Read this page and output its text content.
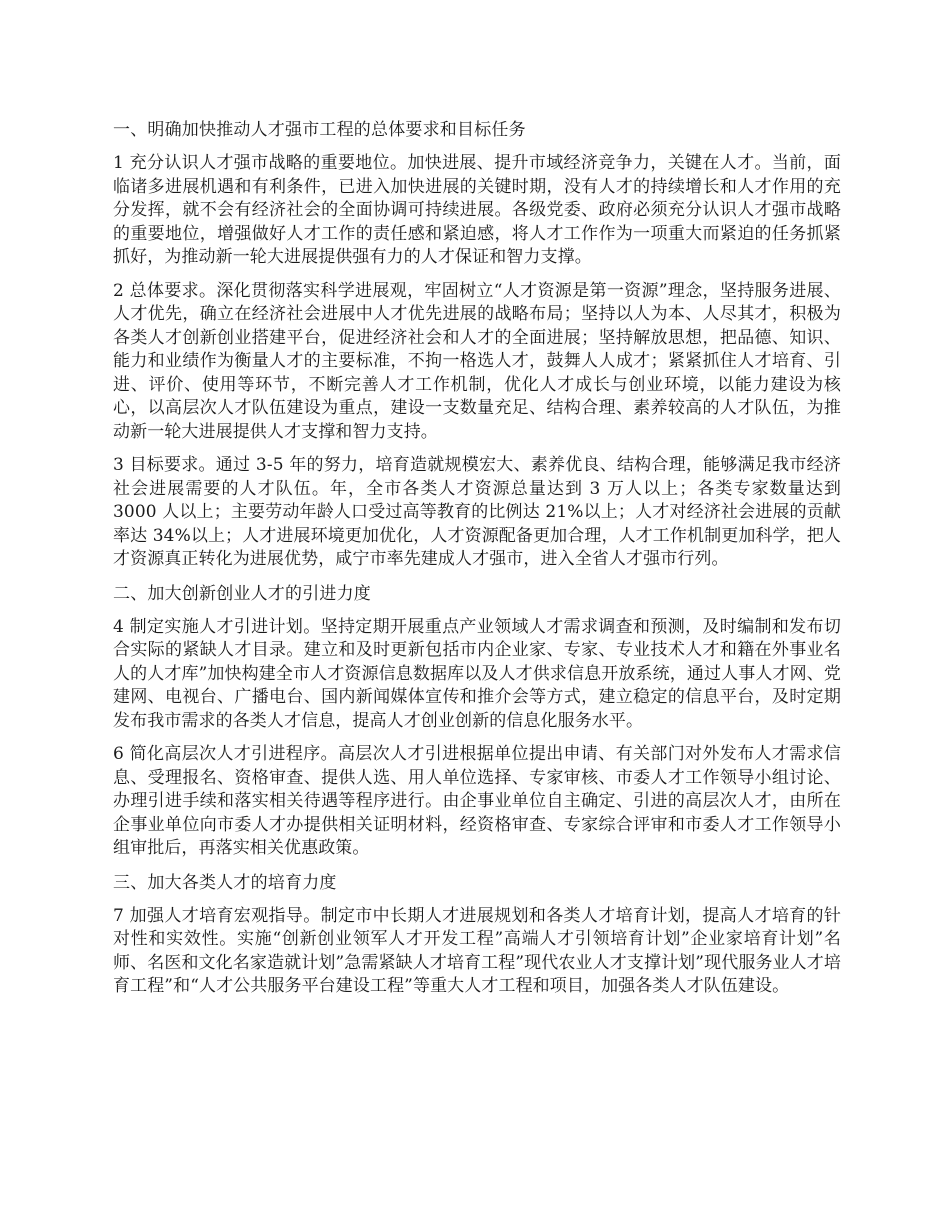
一、明确加快推动人才强市工程的总体要求和目标任务

1 充分认识人才强市战略的重要地位。加快进展、提升市域经济竞争力，关键在人才。当前，面临诸多进展机遇和有利条件，已进入加快进展的关键时期，没有人才的持续增长和人才作用的充分发挥，就不会有经济社会的全面协调可持续进展。各级党委、政府必须充分认识人才强市战略的重要地位，增强做好人才工作的责任感和紧迫感，将人才工作作为一项重大而紧迫的任务抓紧抓好，为推动新一轮大进展提供强有力的人才保证和智力支撑。

2 总体要求。深化贯彻落实科学进展观，牢固树立“人才资源是第一资源”理念，坚持服务进展、人才优先，确立在经济社会进展中人才优先进展的战略布局；坚持以人为本、人尽其才，积极为各类人才创新创业搭建平台，促进经济社会和人才的全面进展；坚持解放思想，把品德、知识、能力和业绩作为衡量人才的主要标准，不拘一格选人才，鼓舞人人成才；紧紧抓住人才培育、引进、评价、使用等环节，不断完善人才工作机制，优化人才成长与创业环境，以能力建设为核心，以高层次人才队伍建设为重点，建设一支数量充足、结构合理、素养较高的人才队伍，为推动新一轮大进展提供人才支撑和智力支持。

3 目标要求。通过 3-5 年的努力，培育造就规模宏大、素养优良、结构合理，能够满足我市经济社会进展需要的人才队伍。年，全市各类人才资源总量达到 3 万人以上；各类专家数量达到 3000 人以上；主要劳动年龄人口受过高等教育的比例达 21%以上；人才对经济社会进展的贡献率达 34%以上；人才进展环境更加优化，人才资源配备更加合理，人才工作机制更加科学，把人才资源真正转化为进展优势，咸宁市率先建成人才强市，进入全省人才强市行列。

二、加大创新创业人才的引进力度

4 制定实施人才引进计划。坚持定期开展重点产业领域人才需求调查和预测，及时编制和发布切合实际的紧缺人才目录。建立和及时更新包括市内企业家、专家、专业技术人才和籍在外事业名人的人才库”加快构建全市人才资源信息数据库以及人才供求信息开放系统，通过人事人才网、党建网、电视台、广播电台、国内新闻媒体宣传和推介会等方式，建立稳定的信息平台，及时定期发布我市需求的各类人才信息，提高人才创业创新的信息化服务水平。

6 简化高层次人才引进程序。高层次人才引进根据单位提出申请、有关部门对外发布人才需求信息、受理报名、资格审查、提供人选、用人单位选择、专家审核、市委人才工作领导小组讨论、办理引进手续和落实相关待遇等程序进行。由企事业单位自主确定、引进的高层次人才，由所在企事业单位向市委人才办提供相关证明材料，经资格审查、专家综合评审和市委人才工作领导小组审批后，再落实相关优惠政策。

三、加大各类人才的培育力度

7 加强人才培育宏观指导。制定市中长期人才进展规划和各类人才培育计划，提高人才培育的针对性和实效性。实施“创新创业领军人才开发工程”高端人才引领培育计划”企业家培育计划”名师、名医和文化名家造就计划”急需紧缺人才培育工程”现代农业人才支撑计划”现代服务业人才培育工程”和“人才公共服务平台建设工程”等重大人才工程和项目，加强各类人才队伍建设。
